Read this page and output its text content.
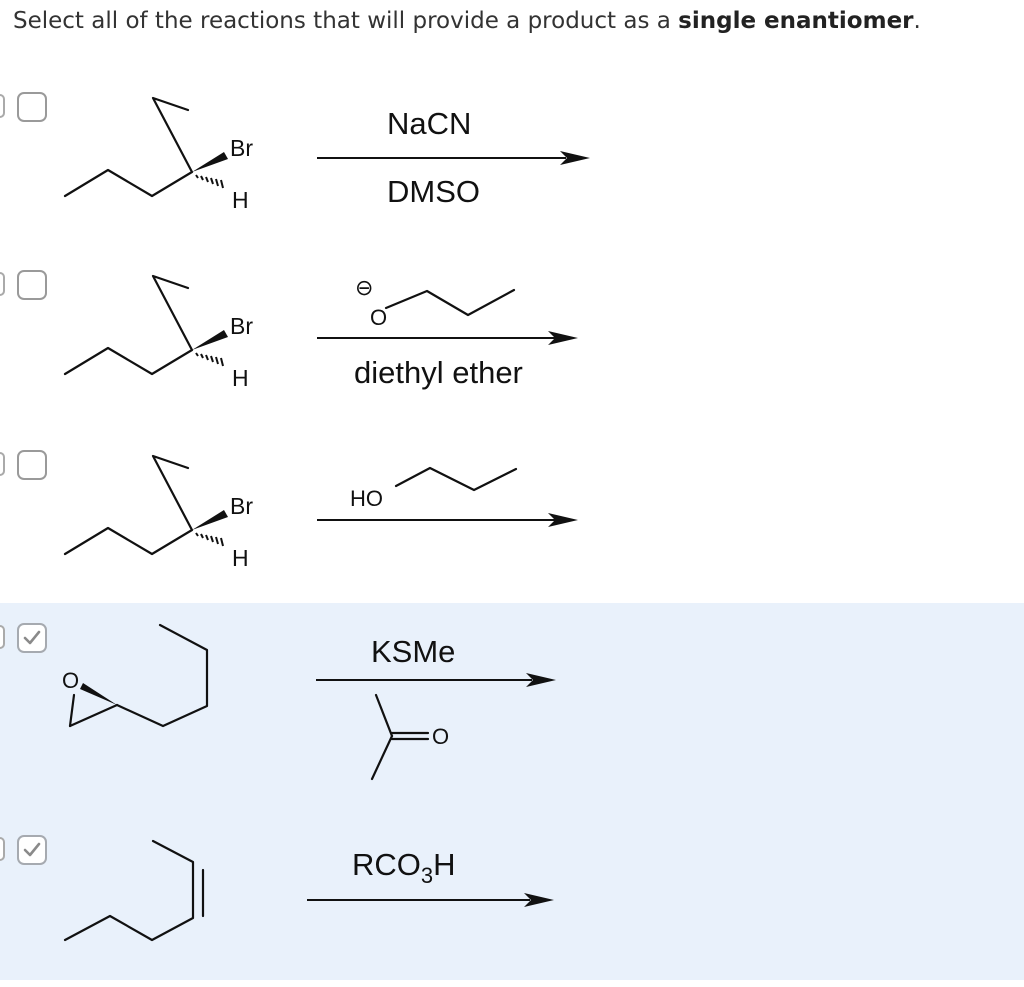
Select all of the reactions that will provide a product as a single enantiomer.
Br
H
NaCN
DMSO
Br
H
⊖
O
diethyl ether
Br
H
HO
O
KSMe
O
$RCO_3H$
